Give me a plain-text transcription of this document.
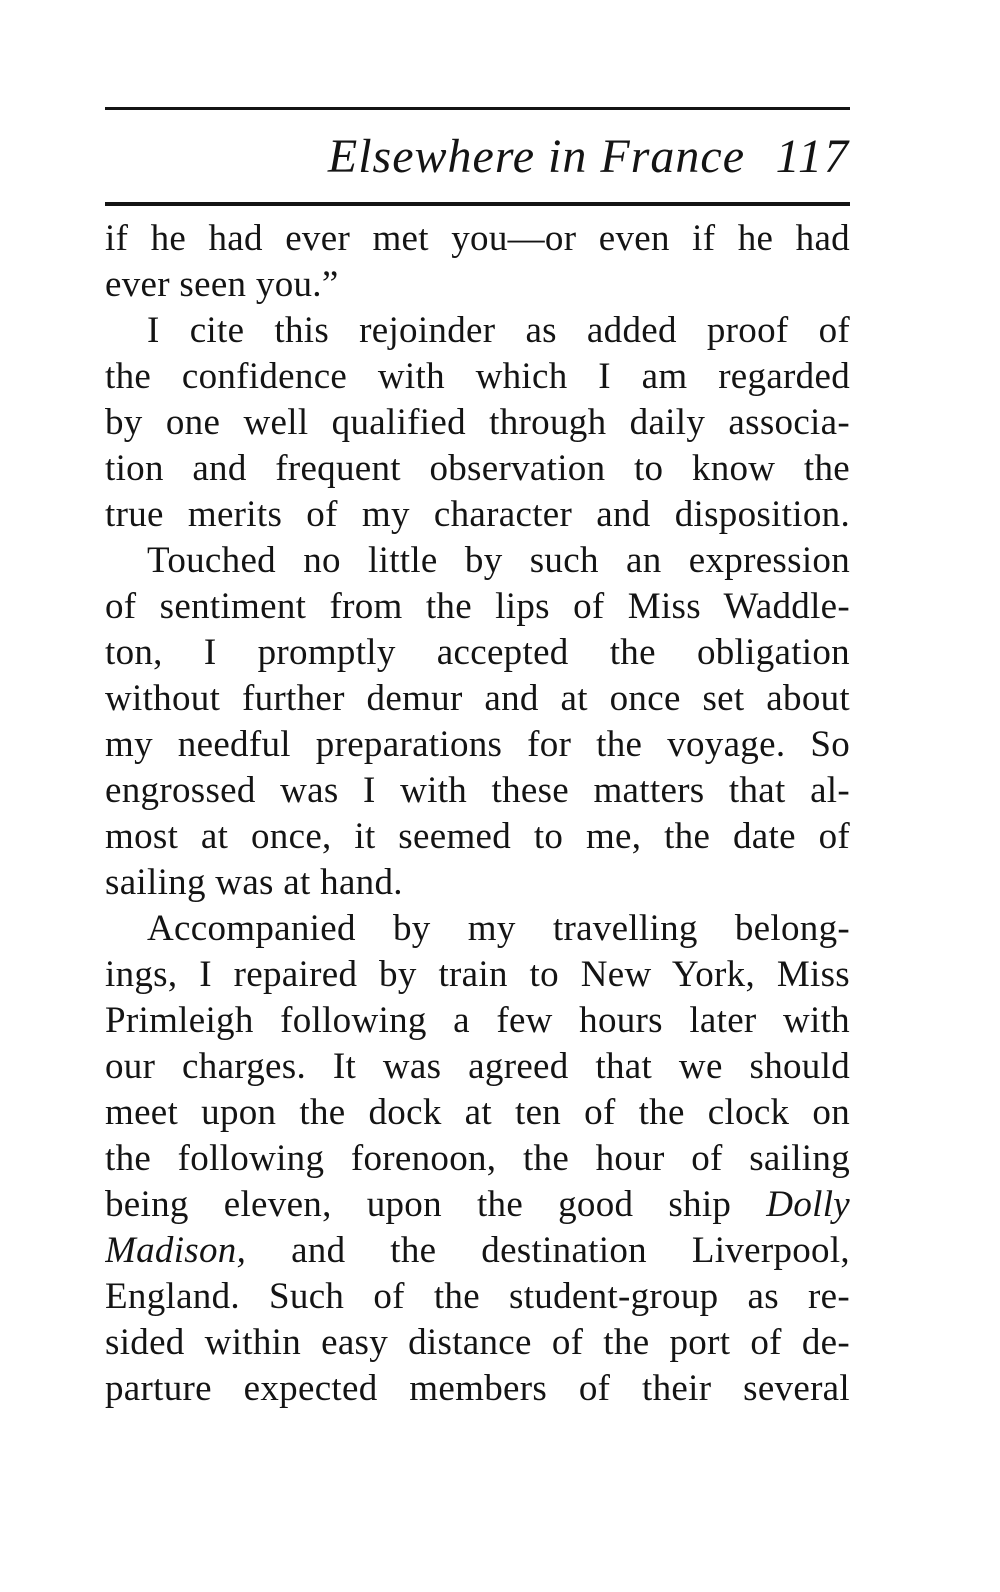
Elsewhere in France 117
if he had ever met you—or even if he had
ever seen you.”
I cite this rejoinder as added proof of
the confidence with which I am regarded
by one well qualified through daily associa-
tion and frequent observation to know the
true merits of my character and disposition.
Touched no little by such an expression
of sentiment from the lips of Miss Waddle-
ton, I promptly accepted the obligation
without further demur and at once set about
my needful preparations for the voyage. So
engrossed was I with these matters that al-
most at once, it seemed to me, the date of
sailing was at hand.
Accompanied by my travelling belong-
ings, I repaired by train to New York, Miss
Primleigh following a few hours later with
our charges. It was agreed that we should
meet upon the dock at ten of the clock on
the following forenoon, the hour of sailing
being eleven, upon the good ship Dolly
Madison, and the destination Liverpool,
England. Such of the student-group as re-
sided within easy distance of the port of de-
parture expected members of their several
